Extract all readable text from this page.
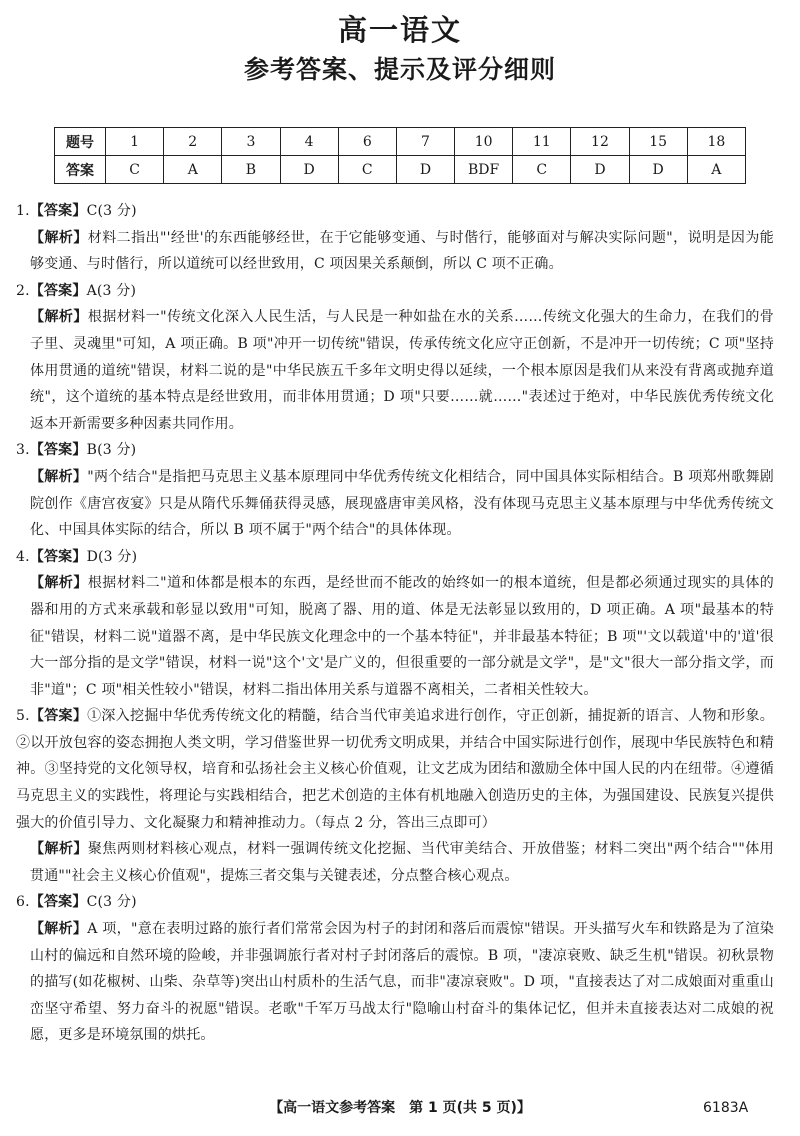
高一语文
参考答案、提示及评分细则
题号	1	2	3	4	6	7	10	11	12	15	18
答案	C	A	B	D	C	D	BDF	C	D	D	A

1.【答案】C(3 分)

【解析】材料二指出"'经世'的东西能够经世，在于它能够变通、与时偕行，能够面对与解决实际问题"，说明是因为能够变通、与时偕行，所以道统可以经世致用，C 项因果关系颠倒，所以 C 项不正确。

2.【答案】A(3 分)

【解析】根据材料一"传统文化深入人民生活，与人民是一种如盐在水的关系……传统文化强大的生命力，在我们的骨子里、灵魂里"可知，A 项正确。B 项"冲开一切传统"错误，传承传统文化应守正创新，不是冲开一切传统；C 项"坚持体用贯通的道统"错误，材料二说的是"中华民族五千多年文明史得以延续，一个根本原因是我们从来没有背离或抛弃道统"，这个道统的基本特点是经世致用，而非体用贯通；D 项"只要……就……"表述过于绝对，中华民族优秀传统文化返本开新需要多种因素共同作用。

3.【答案】B(3 分)

【解析】"两个结合"是指把马克思主义基本原理同中华优秀传统文化相结合，同中国具体实际相结合。B 项郑州歌舞剧院创作《唐宫夜宴》只是从隋代乐舞俑获得灵感，展现盛唐审美风格，没有体现马克思主义基本原理与中华优秀传统文化、中国具体实际的结合，所以 B 项不属于"两个结合"的具体体现。

4.【答案】D(3 分)

【解析】根据材料二"道和体都是根本的东西，是经世而不能改的始终如一的根本道统，但是都必须通过现实的具体的器和用的方式来承载和彰显以致用"可知，脱离了器、用的道、体是无法彰显以致用的，D 项正确。A 项"最基本的特征"错误，材料二说"道器不离，是中华民族文化理念中的一个基本特征"，并非最基本特征；B 项"'文以载道'中的'道'很大一部分指的是文学"错误，材料一说"这个'文'是广义的，但很重要的一部分就是文学"，是"文"很大一部分指文学，而非"道"；C 项"相关性较小"错误，材料二指出体用关系与道器不离相关，二者相关性较大。

5.【答案】①深入挖掘中华优秀传统文化的精髓，结合当代审美追求进行创作，守正创新，捕捉新的语言、人物和形象。②以开放包容的姿态拥抱人类文明，学习借鉴世界一切优秀文明成果，并结合中国实际进行创作，展现中华民族特色和精神。③坚持党的文化领导权，培育和弘扬社会主义核心价值观，让文艺成为团结和激励全体中国人民的内在纽带。④遵循马克思主义的实践性，将理论与实践相结合，把艺术创造的主体有机地融入创造历史的主体，为强国建设、民族复兴提供强大的价值引导力、文化凝聚力和精神推动力。（每点 2 分，答出三点即可）

【解析】聚焦两则材料核心观点，材料一强调传统文化挖掘、当代审美结合、开放借鉴；材料二突出"两个结合""体用贯通""社会主义核心价值观"，提炼三者交集与关键表述，分点整合核心观点。

6.【答案】C(3 分)

【解析】A 项，"意在表明过路的旅行者们常常会因为村子的封闭和落后而震惊"错误。开头描写火车和铁路是为了渲染山村的偏远和自然环境的险峻，并非强调旅行者对村子封闭落后的震惊。B 项，"凄凉衰败、缺乏生机"错误。初秋景物的描写(如花椒树、山柴、杂草等)突出山村质朴的生活气息，而非"凄凉衰败"。D 项，"直接表达了对二成娘面对重重山峦坚守希望、努力奋斗的祝愿"错误。老歌"千军万马战太行"隐喻山村奋斗的集体记忆，但并未直接表达对二成娘的祝愿，更多是环境氛围的烘托。

【高一语文参考答案　第 1 页(共 5 页)】	6183A
